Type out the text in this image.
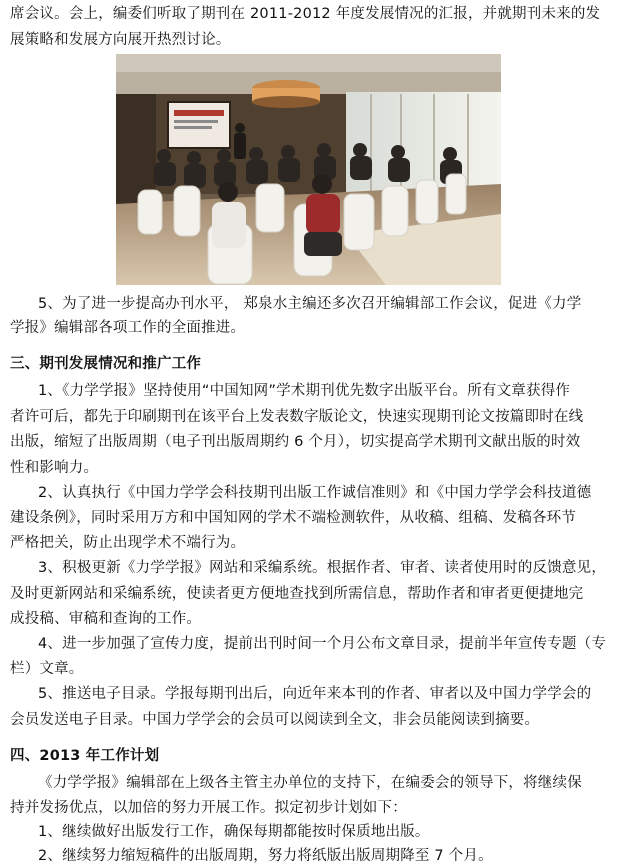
席会议。会上，编委们听取了期刊在 2011-2012 年度发展情况的汇报，并就期刊未来的发
展策略和发展方向展开热烈讨论。
5、为了进一步提高办刊水平， 郑泉水主编还多次召开编辑部工作会议，促进《力学
学报》编辑部各项工作的全面推进。
三、期刊发展情况和推广工作
1、《力学学报》坚持使用“中国知网”学术期刊优先数字出版平台。所有文章获得作
者许可后，都先于印刷期刊在该平台上发表数字版论文，快速实现期刊论文按篇即时在线
出版，缩短了出版周期（电子刊出版周期约 6 个月），切实提高学术期刊文献出版的时效
性和影响力。
2、认真执行《中国力学学会科技期刊出版工作诚信准则》和《中国力学学会科技道德
建设条例》，同时采用万方和中国知网的学术不端检测软件，从收稿、组稿、发稿各环节
严格把关，防止出现学术不端行为。
3、积极更新《力学学报》网站和采编系统。根据作者、审者、读者使用时的反馈意见，
及时更新网站和采编系统，使读者更方便地查找到所需信息，帮助作者和审者更便捷地完
成投稿、审稿和查询的工作。
4、进一步加强了宣传力度，提前出刊时间一个月公布文章目录，提前半年宣传专题（专
栏）文章。
5、推送电子目录。学报每期刊出后，向近年来本刊的作者、审者以及中国力学学会的
会员发送电子目录。中国力学学会的会员可以阅读到全文，非会员能阅读到摘要。
四、2013 年工作计划
《力学学报》编辑部在上级各主管主办单位的支持下，在编委会的领导下，将继续保
持并发扬优点，以加倍的努力开展工作。拟定初步计划如下：
1、继续做好出版发行工作，确保每期都能按时保质地出版。
2、继续努力缩短稿件的出版周期，努力将纸版出版周期降至 7 个月。
